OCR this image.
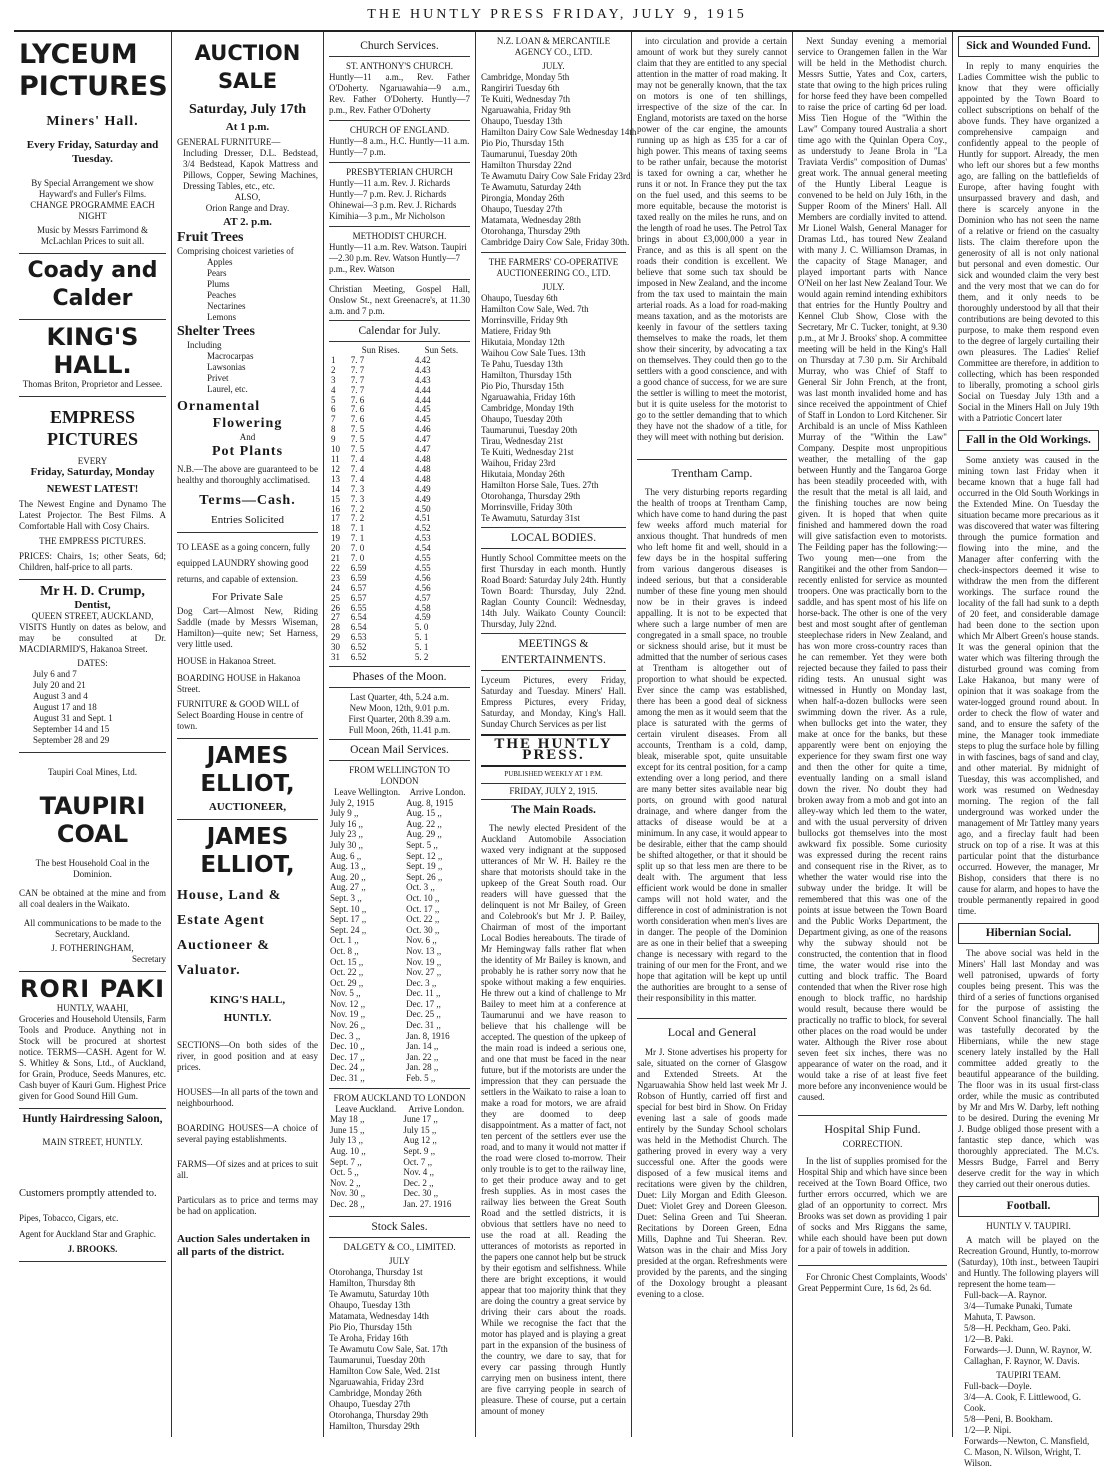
THE HUNTLY PRESS FRIDAY, JULY 9, 1915
LYCEUM
PICTURES
Miners' Hall.
Every Friday, Saturday and Tuesday.
By Special Arrangement we show Hayward's and Fuller's Films.
CHANGE PROGRAMME EACH NIGHT
Music by Messrs Farrimond & McLachlan Prices to suit all.
Coady and Calder
KING'S HALL.
Thomas Briton, Proprietor and Lessee.
EMPRESS PICTURES
EVERY
Friday, Saturday, Monday
NEWEST LATEST!
The Newest Engine and Dynamo The Latest Projector. The Best Films. A Comfortable Hall with Cosy Chairs.
THE EMPRESS PICTURES.
PRICES: Chairs, 1s; other Seats, 6d; Children, half-price to all parts.
Mr H. D. Crump,
Dentist,
QUEEN STREET, AUCKLAND,
VISITS Huntly on dates as below, and may be consulted at Dr. MACDIARMID'S, Hakanoa Street.
DATES:
July 6 and 7
July 20 and 21
August 3 and 4
August 17 and 18
August 31 and Sept. 1
September 14 and 15
September 28 and 29
Taupiri Coal Mines, Ltd.
TAUPIRI COAL
The best Household Coal in the Dominion.
CAN be obtained at the mine and from all coal dealers in the Waikato.
All communications to be made to the Secretary, Auckland.
J. FOTHERINGHAM,
Secretary
RORI PAKI
HUNTLY, WAAHI,
Groceries and Household Utensils, Farm Tools and Produce. Anything not in Stock will be procured at shortest notice. TERMS—CASH. Agent for W. S. Whitley & Sons, Ltd., of Auckland, for Grain, Produce, Seeds Manures, etc. Cash buyer of Kauri Gum. Highest Price given for Good Sound Hill Gum.
Huntly Hairdressing Saloon,
MAIN STREET, HUNTLY.
Customers promptly attended to.
Pipes, Tobacco, Cigars, etc.
Agent for Auckland Star and Graphic.
J. BROOKS.
AUCTION SALE
Saturday, July 17th
At 1 p.m.
GENERAL FURNITURE—
Including Dresser, D.L. Bedstead, 3/4 Bedstead, Kapok Mattress and Pillows, Copper, Sewing Machines, Dressing Tables, etc., etc.
ALSO,
Orion Range and Dray.
AT 2. p.m.
Fruit Trees
Comprising choicest varieties of
Apples
Pears
Plums
Peaches
Nectarines
Lemons
Shelter Trees
Including
Macrocarpas
Lawsonias
Privet
Laurel, etc.
Ornamental
Flowering
And
Pot Plants
N.B.—The above are guaranteed to be healthy and thoroughly acclimatised.
Terms—Cash.
Entries Solicited
TO LEASE as a going concern, fully equipped LAUNDRY showing good returns, and capable of extension.
For Private Sale
Dog Cart—Almost New, Riding Saddle (made by Messrs Wiseman, Hamilton)—quite new; Set Harness, very little used.
HOUSE in Hakanoa Street.
BOARDING HOUSE in Hakanoa Street.
FURNITURE & GOOD WILL of Select Boarding House in centre of town.
JAMES ELLIOT,
AUCTIONEER,
JAMES ELLIOT,
House, Land &
Estate Agent
Auctioneer &
Valuator.
KING'S HALL,
HUNTLY.
SECTIONS—On both sides of the river, in good position and at easy prices.
HOUSES—In all parts of the town and neighbourhood.
BOARDING HOUSES—A choice of several paying establishments.
FARMS—Of sizes and at prices to suit all.
Particulars as to price and terms may be had on application.
Auction Sales undertaken in all parts of the district.
Church Services.
ST. ANTHONY'S CHURCH.
Huntly—11 a.m., Rev. Father O'Doherty. Ngaruawahia—9 a.m., Rev. Father O'Doherty. Huntly—7 p.m., Rev. Father O'Doherty
CHURCH OF ENGLAND.
Huntly—8 a.m., H.C. Huntly—11 a.m. Huntly—7 p.m.
PRESBYTERIAN CHURCH
Huntly—11 a.m. Rev. J. Richards Huntly—7 p.m. Rev. J. Richards Ohinewai—3 p.m. Rev. J. Richards Kimihia—3 p.m., Mr Nicholson
METHODIST CHURCH.
Huntly—11 a.m. Rev. Watson. Taupiri—2.30 p.m. Rev. Watson Huntly—7 p.m., Rev. Watson
Christian Meeting, Gospel Hall, Onslow St., next Greenacre's, at 11.30 a.m. and 7 p.m.
Calendar for July.
	Sun Rises.	Sun Sets.
1	7. 7	4.42
2	7. 7	4.43
3	7. 7	4.43
4	7. 7	4.44
5	7. 6	4.44
6	7. 6	4.45
7	7. 6	4.45
8	7. 5	4.46
9	7. 5	4.47
10	7. 5	4.47
11	7. 4	4.48
12	7. 4	4.48
13	7. 4	4.48
14	7. 3	4.49
15	7. 3	4.49
16	7. 2	4.50
17	7. 2	4.51
18	7. 1	4.52
19	7. 1	4.53
20	7. 0	4.54
21	7. 0	4.55
22	6.59	4.55
23	6.59	4.56
24	6.57	4.56
25	6.57	4.57
26	6.55	4.58
27	6.54	4.59
28	6.54	5. 0
29	6.53	5. 1
30	6.52	5. 1
31	6.52	5. 2
Phases of the Moon.
Last Quarter, 4th, 5.24 a.m.
New Moon, 12th, 9.01 p.m.
First Quarter, 20th 8.39 a.m.
Full Moon, 26th, 11.41 p.m.
Ocean Mail Services.
FROM WELLINGTON TO LONDON
Leave Wellington.	Arrive London.
July 2, 1915	Aug. 8, 1915
July 9 ,,	Aug. 15 ,,
July 16 ,,	Aug. 22 ,,
July 23 ,,	Aug. 29 ,,
July 30 ,,	Sept. 5 ,,
Aug. 6 ,,	Sept. 12 ,,
Aug. 13 ,,	Sept. 19 ,,
Aug. 20 ,,	Sept. 26 ,,
Aug. 27 ,,	Oct. 3 ,,
Sept. 3 ,,	Oct. 10 ,,
Sept. 10 ,,	Oct. 17 ,,
Sept. 17 ,,	Oct. 22 ,,
Sept. 24 ,,	Oct. 30 ,,
Oct. 1 ,,	Nov. 6 ,,
Oct. 8 ,,	Nov. 13 ,,
Oct. 15 ,,	Nov. 19 ,,
Oct. 22 ,,	Nov. 27 ,,
Oct. 29 ,,	Dec. 3 ,,
Nov. 5 ,,	Dec. 11 ,,
Nov. 12 ,,	Dec. 17 ,,
Nov. 19 ,,	Dec. 25 ,,
Nov. 26 ,,	Dec. 31 ,,
Dec. 3 ,,	Jan. 8, 1916
Dec. 10 ,,	Jan. 14 ,,
Dec. 17 ,,	Jan. 22 ,,
Dec. 24 ,,	Jan. 28 ,,
Dec. 31 ,,	Feb. 5 ,,
FROM AUCKLAND TO LONDON
Leave Auckland.	Arrive London.
May 18 ,,	June 17 ,,
June 15 ,,	July 15 ,,
July 13 ,,	Aug 12 ,,
Aug. 10 ,,	Sept. 9 ,,
Sept. 7 ,,	Oct. 7 ,,
Oct. 5 ,,	Nov. 4 ,,
Nov. 2 ,,	Dec. 2 ,,
Nov. 30 ,,	Dec. 30 ,,
Dec. 28 ,,	Jan. 27. 1916
Stock Sales.
DALGETY & CO., LIMITED.
JULY
Otorohanga, Thursday 1st
Hamilton, Thursday 8th
Te Awamutu, Saturday 10th
Ohaupo, Tuesday 13th
Matamata, Wednesday 14th
Pio Pio, Thursday 15th
Te Aroha, Friday 16th
Te Awamutu Cow Sale, Sat. 17th
Taumarunui, Tuesday 20th
Hamilton Cow Sale, Wed. 21st
Ngaruawahia, Friday 23rd
Cambridge, Monday 26th
Ohaupo, Tuesday 27th
Otorohanga, Thursday 29th
Hamilton, Thursday 29th
N.Z. LOAN & MERCANTILE AGENCY CO., LTD.
JULY.
Cambridge, Monday 5th
Rangiriri Tuesday 6th
Te Kuiti, Wednesday 7th
Ngaruawahia, Friday 9th
Ohaupo, Tuesday 13th
Hamilton Dairy Cow Sale Wednesday 14th
Pio Pio, Thursday 15th
Taumarunui, Tuesday 20th
Hamilton Thursday 22nd
Te Awamutu Dairy Cow Sale Friday 23rd
Te Awamutu, Saturday 24th
Pirongia, Monday 26th
Ohaupo, Tuesday 27th
Matamata, Wednesday 28th
Otorohanga, Thursday 29th
Cambridge Dairy Cow Sale, Friday 30th.
THE FARMERS' CO-OPERATIVE AUCTIONEERING CO., LTD.
JULY.
Ohaupo, Tuesday 6th
Hamilton Cow Sale, Wed. 7th
Morrinsville, Friday 9th
Matiere, Friday 9th
Hikutaia, Monday 12th
Waihou Cow Sale Tues. 13th
Te Pahu, Tuesday 13th
Hamilton, Thursday 15th
Pio Pio, Thursday 15th
Ngaruawahia, Friday 16th
Cambridge, Monday 19th
Ohaupo, Tuesday 20th
Taumarunui, Tuesday 20th
Tirau, Wednesday 21st
Te Kuiti, Wednesday 21st
Waihou, Friday 23rd
Hikutaia, Monday 26th
Hamilton Horse Sale, Tues. 27th
Otorohanga, Thursday 29th
Morrinsville, Friday 30th
Te Awamutu, Saturday 31st
LOCAL BODIES.
Huntly School Committee meets on the first Thursday in each month. Huntly Road Board: Saturday July 24th. Huntly Town Board: Thursday, July 22nd. Raglan County Council: Wednesday, 14th July. Waikato County Council: Thursday, July 22nd.
MEETINGS & ENTERTAINMENTS.
Lyceum Pictures, every Friday, Saturday and Tuesday. Miners' Hall. Empress Pictures, every Friday, Saturday, and Monday, King's Hall. Sunday Church Services as per list
THE HUNTLY PRESS.
PUBLISHED WEEKLY AT 1 P.M.
FRIDAY, JULY 2, 1915.
The Main Roads.
The newly elected President of the Auckland Automobile Association waxed very indignant at the supposed utterances of Mr W. H. Bailey re the share that motorists should take in the upkeep of the Great South road. Our readers will have guessed that the delinquent is not Mr Bailey, of Green and Colebrook's but Mr J. P. Bailey, Chairman of most of the important Local Bodies hereabouts. The tirade of Mr Hemingway falls rather flat when the identity of Mr Bailey is known, and probably he is rather sorry now that he spoke without making a few enquiries. He threw out a kind of challenge to Mr Bailey to meet him at a conference at Taumarunui and we have reason to believe that his challenge will be accepted. The question of the upkeep of the main road is indeed a serious one, and one that must be faced in the near future, but if the motorists are under the impression that they can persuade the settlers in the Waikato to raise a loan to make a road for motors, we are afraid they are doomed to deep disappointment. As a matter of fact, not ten percent of the settlers ever use the road, and to many it would not matter if the road were closed to-morrow. Their only trouble is to get to the railway line, to get their produce away and to get fresh supplies. As in most cases the railway lies between the Great South Road and the settled districts, it is obvious that settlers have no need to use the road at all. Reading the utterances of motorists as reported in the papers one cannot help but be struck by their egotism and selfishness. While there are bright exceptions, it would appear that too majority think that they are doing the country a great service by driving their cars about the roads. While we recognise the fact that the motor has played and is playing a great part in the expansion of the business of the country, we dare to say, that for every car passing through Huntly carrying men on business intent, there are five carrying people in search of pleasure. These of course, put a certain amount of money
into circulation and provide a certain amount of work but they surely cannot claim that they are entitled to any special attention in the matter of road making. It may not be generally known, that the tax on motors is one of ten shillings, irrespective of the size of the car. In England, motorists are taxed on the horse power of the car engine, the amounts running up as high as £35 for a car of high power. This means of taxing seems to be rather unfair, because the motorist is taxed for owning a car, whether he runs it or not. In France they put the tax on the fuel used, and this seems to be more equitable, because the motorist is taxed really on the miles he runs, and on the length of road he uses. The Petrol Tax brings in about £3,000,000 a year in France, and as this is all spent on the roads their condition is excellent. We believe that some such tax should be imposed in New Zealand, and the income from the tax used to maintain the main arterial roads. As a load for road-making means taxation, and as the motorists are keenly in favour of the settlers taxing themselves to make the roads, let them show their sincerity, by advocating a tax on themselves. They could then go to the settlers with a good conscience, and with a good chance of success, for we are sure the settler is willing to meet the motorist, but it is quite useless for the motorist to go to the settler demanding that to which they have not the shadow of a title, for they will meet with nothing but derision.
Trentham Camp.
The very disturbing reports regarding the health of troops at Trentham Camp, which have come to hand during the past few weeks afford much material for anxious thought. That hundreds of men who left home fit and well, should in a few days be in the hospital suffering from various dangerous diseases is indeed serious, but that a considerable number of these fine young men should now be in their graves is indeed appalling. It is not to be expected that where such a large number of men are congregated in a small space, no trouble or sickness should arise, but it must be admitted that the number of serious cases at Trentham is altogether out of proportion to what should be expected. Ever since the camp was established, there has been a good deal of sickness among the men as it would seem that the place is saturated with the germs of certain virulent diseases. From all accounts, Trentham is a cold, damp, bleak, miserable spot, quite unsuitable except for its central position, for a camp extending over a long period, and there are many better sites available near big ports, on ground with good natural drainage, and where danger from the attacks of disease would be at a minimum. In any case, it would appear to be desirable, either that the camp should be shifted altogether, or that it should be split up so that less men are there to be dealt with. The argument that less efficient work would be done in smaller camps will not hold water, and the difference in cost of administration is not worth consideration when men's lives are in danger. The people of the Dominion are as one in their belief that a sweeping change is necessary with regard to the training of our men for the Front, and we hope that agitation will be kept up until the authorities are brought to a sense of their responsibility in this matter.
Local and General
Mr J. Stone advertises his property for sale, situated on the corner of Glasgow and Extended Streets. At the Ngaruawahia Show held last week Mr J. Robson of Huntly, carried off first and special for best bird in Show. On Friday evening last a sale of goods made entirely by the Sunday School scholars was held in the Methodist Church. The gathering proved in every way a very successful one. After the goods were disposed of a few musical items and recitations were given by the children, Duet: Lily Morgan and Edith Gleeson. Duet: Violet Grey and Doreen Gleeson. Duet: Selina Green and Tui Sheeran. Recitations by Doreen Green, Edna Mills, Daphne and Tui Sheeran. Rev. Watson was in the chair and Miss Jory presided at the organ. Refreshments were provided by the parents, and the singing of the Doxology brought a pleasant evening to a close.
Next Sunday evening a memorial service to Orangemen fallen in the War will be held in the Methodist church. Messrs Suttie, Yates and Cox, carters, state that owing to the high prices ruling for horse feed they have been compelled to raise the price of carting 6d per load. Miss Tien Hogue of the "Within the Law" Company toured Australia a short time ago with the Quinlan Opera Coy., as understudy to Jeane Brola in "La Traviata Verdis" composition of Dumas' great work. The annual general meeting of the Huntly Liberal League is convened to be held on July 16th, in the Supper Room of the Miners' Hall. All Members are cordially invited to attend. Mr Lionel Walsh, General Manager for Dramas Ltd., has toured New Zealand with many J. C. Williamson Dramas, in the capacity of Stage Manager, and played important parts with Nance O'Neil on her last New Zealand Tour. We would again remind intending exhibitors that entries for the Huntly Poultry and Kennel Club Show, Close with the Secretary, Mr C. Tucker, tonight, at 9.30 p.m., at Mr J. Brooks' shop. A committee meeting will be held in the King's Hall on Thursday at 7.30 p.m. Sir Archibald Murray, who was Chief of Staff to General Sir John French, at the front, was last month invalided home and has since received the appointment of Chief of Staff in London to Lord Kitchener. Sir Archibald is an uncle of Miss Kathleen Murray of the "Within the Law" Company. Despite most unpropitious weather, the metalling of the gap between Huntly and the Tangaroa Gorge has been steadily proceeded with, with the result that the metal is all laid, and the finishing touches are now being given. It is hoped that when quite finished and hammered down the road will give satisfaction even to motorists. The Feilding paper has the following:—Two young men—one from the Rangitikei and the other from Sandon—recently enlisted for service as mounted troopers. One was practically born to the saddle, and has spent most of his life on horse-back. The other is one of the very best and most sought after of gentleman steeplechase riders in New Zealand, and has won more cross-country races than he can remember. Yet they were both rejected because they failed to pass their riding tests. An unusual sight was witnessed in Huntly on Monday last, when half-a-dozen bullocks were seen swimming down the river. As a rule, when bullocks get into the water, they make at once for the banks, but these apparently were bent on enjoying the experience for they swam first one way and then the other for quite a time, eventually landing on a small island down the river. No doubt they had broken away from a mob and got into an alley-way which led them to the water, and with the usual perversity of driven bullocks got themselves into the most awkward fix possible. Some curiosity was expressed during the recent rains and consequent rise in the River, as to whether the water would rise into the subway under the bridge. It will be remembered that this was one of the points at issue between the Town Board and the Public Works Department, the Department giving, as one of the reasons why the subway should not be constructed, the contention that in flood time, the water would rise into the cutting and block traffic. The Board contended that when the River rose high enough to block traffic, no hardship would result, because there would be practically no traffic to block, for several other places on the road would be under water. Although the River rose about seven feet six inches, there was no appearance of water on the road, and it would take a rise of at least five feet more before any inconvenience would be caused.
Hospital Ship Fund.
CORRECTION.
In the list of supplies promised for the Hospital Ship and which have since been received at the Town Board Office, two further errors occurred, which we are glad of an opportunity to correct. Mrs Brooks was set down as providing 1 pair of socks and Mrs Riggans the same, while each should have been put down for a pair of towels in addition.
For Chronic Chest Complaints, Woods' Great Peppermint Cure, 1s 6d, 2s 6d.
Sick and Wounded Fund.
In reply to many enquiries the Ladies Committee wish the public to know that they were officially appointed by the Town Board to collect subscriptions on behalf of the above funds. They have organized a comprehensive campaign and confidently appeal to the people of Huntly for support. Already, the men who left our shores but a few months ago, are falling on the battlefields of Europe, after having fought with unsurpassed bravery and dash, and there is scarcely anyone in the Dominion who has not seen the name of a relative or friend on the casualty lists. The claim therefore upon the generosity of all is not only national but personal and even domestic. Our sick and wounded claim the very best and the very most that we can do for them, and it only needs to be thoroughly understood by all that their contributions are being devoted to this purpose, to make them respond even to the degree of largely curtailing their own pleasures. The Ladies' Relief Committee are therefore, in addition to collecting, which has been responded to liberally, promoting a school girls Social on Tuesday July 13th and a Social in the Miners Hall on July 19th with a Patriotic Concert later
Fall in the Old Workings.
Some anxiety was caused in the mining town last Friday when it became known that a huge fall had occurred in the Old South Workings in the Extended Mine. On Tuesday the situation became more precarious as it was discovered that water was filtering through the pumice formation and flowing into the mine, and the Manager after conferring with the check-inspectors deemed it wise to withdraw the men from the different workings. The surface round the locality of the fall had sunk to a depth of 20 feet, and considerable damage had been done to the section upon which Mr Albert Green's house stands. It was the general opinion that the water which was filtering through the disturbed ground was coming from Lake Hakanoa, but many were of opinion that it was soakage from the water-logged ground round about. In order to check the flow of water and sand, and to ensure the safety of the mine, the Manager took immediate steps to plug the surface hole by filling in with fascines, bags of sand and clay, and other material. By midnight of Tuesday, this was accomplished, and work was resumed on Wednesday morning. The region of the fall underground was worked under the management of Mr Tattley many years ago, and a fireclay fault had been struck on top of a rise. It was at this particular point that the disturbance occurred. However, the manager, Mr Bishop, considers that there is no cause for alarm, and hopes to have the trouble permanently repaired in good time.
Hibernian Social.
The above social was held in the Miners' Hall last Monday and was well patronised, upwards of forty couples being present. This was the third of a series of functions organised for the purpose of assisting the Convent School financially. The hall was tastefully decorated by the Hibernians, while the new stage scenery lately installed by the Hall committee added greatly to the beautiful appearance of the building. The floor was in its usual first-class order, while the music as contributed by Mr and Mrs W. Darby, left nothing to be desired. During the evening Mr J. Budge obliged those present with a fantastic step dance, which was thoroughly appreciated. The M.C's. Messrs Budge, Farrel and Berry deserve credit for the way in which they carried out their onerous duties.
Football.
HUNTLY V. TAUPIRI.
A match will be played on the Recreation Ground, Huntly, to-morrow (Saturday), 10th inst., between Taupiri and Huntly. The following players will represent the home team—
Full-back—A. Raynor.
3/4—Tumake Punaki, Tumate Mahuta, T. Pawson.
5/8—H. Peckham, Geo. Paki.
1/2—B. Paki.
Forwards—J. Dunn, W. Raynor, W. Callaghan, F. Raynor, W. Davis.
TAUPIRI TEAM.
Full-back—Doyle.
3/4—A. Cook, F. Littlewood, G. Cook.
5/8—Peni, B. Bookham.
1/2—P. Nipi.
Forwards—Newton, C. Mansfield, C. Mason, N. Wilson, Wright, T. Wilson.
